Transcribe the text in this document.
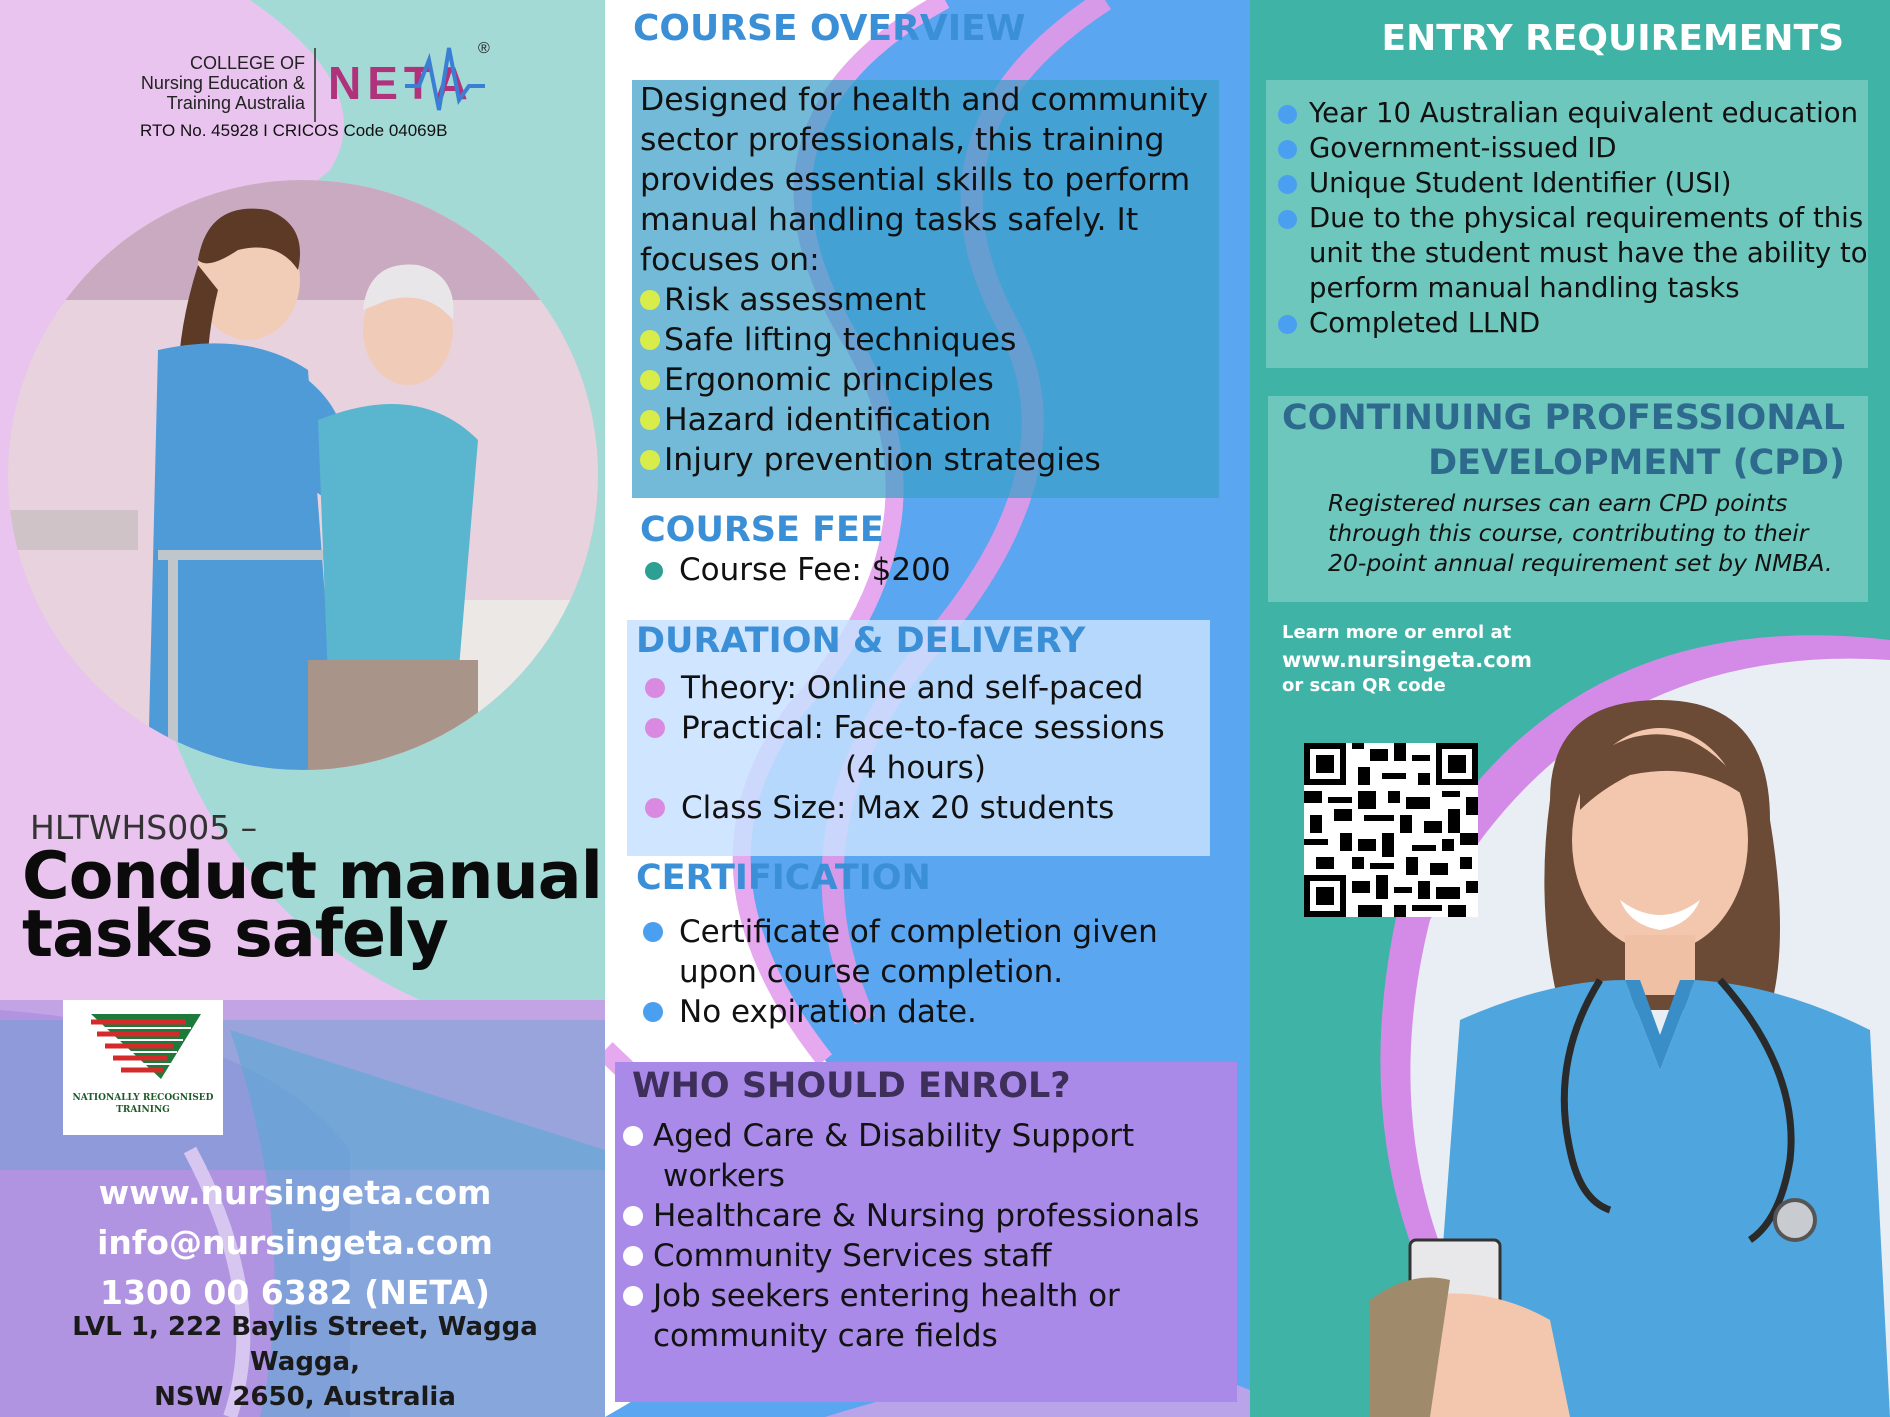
COLLEGE OF
Nursing Education &
Training Australia NETA
®
RTO No. 45928 I CRICOS Code 04069B
HLTWHS005 –
Conduct manual
tasks safely
NATIONALLY RECOGNISED
TRAINING
www.nursingeta.com
info@nursingeta.com
1300 00 6382 (NETA)
LVL 1, 222 Baylis Street, Wagga Wagga,
NSW 2650, Australia
COURSE OVERVIEW
Designed for health and community
sector professionals, this training
provides essential skills to perform
manual handling tasks safely. It
focuses on:
Risk assessment
Safe lifting techniques
Ergonomic principles
Hazard identification
Injury prevention strategies
COURSE FEE
Course Fee: $200
DURATION & DELIVERY
Theory: Online and self-paced
Practical: Face-to-face sessions
(4 hours)
Class Size: Max 20 students
CERTIFICATION
Certificate of completion given
upon course completion.
No expiration date.
WHO SHOULD ENROL?
Aged Care & Disability Support
workers
Healthcare & Nursing professionals
Community Services staff
Job seekers entering health or
community care fields
ENTRY REQUIREMENTS
Year 10 Australian equivalent education
Government-issued ID
Unique Student Identifier (USI)
Due to the physical requirements of this
unit the student must have the ability to
perform manual handling tasks
Completed LLND
CONTINUING PROFESSIONAL
DEVELOPMENT (CPD)
Registered nurses can earn CPD points
through this course, contributing to their
20-point annual requirement set by NMBA.
Learn more or enrol at
www.nursingeta.com
or scan QR code
